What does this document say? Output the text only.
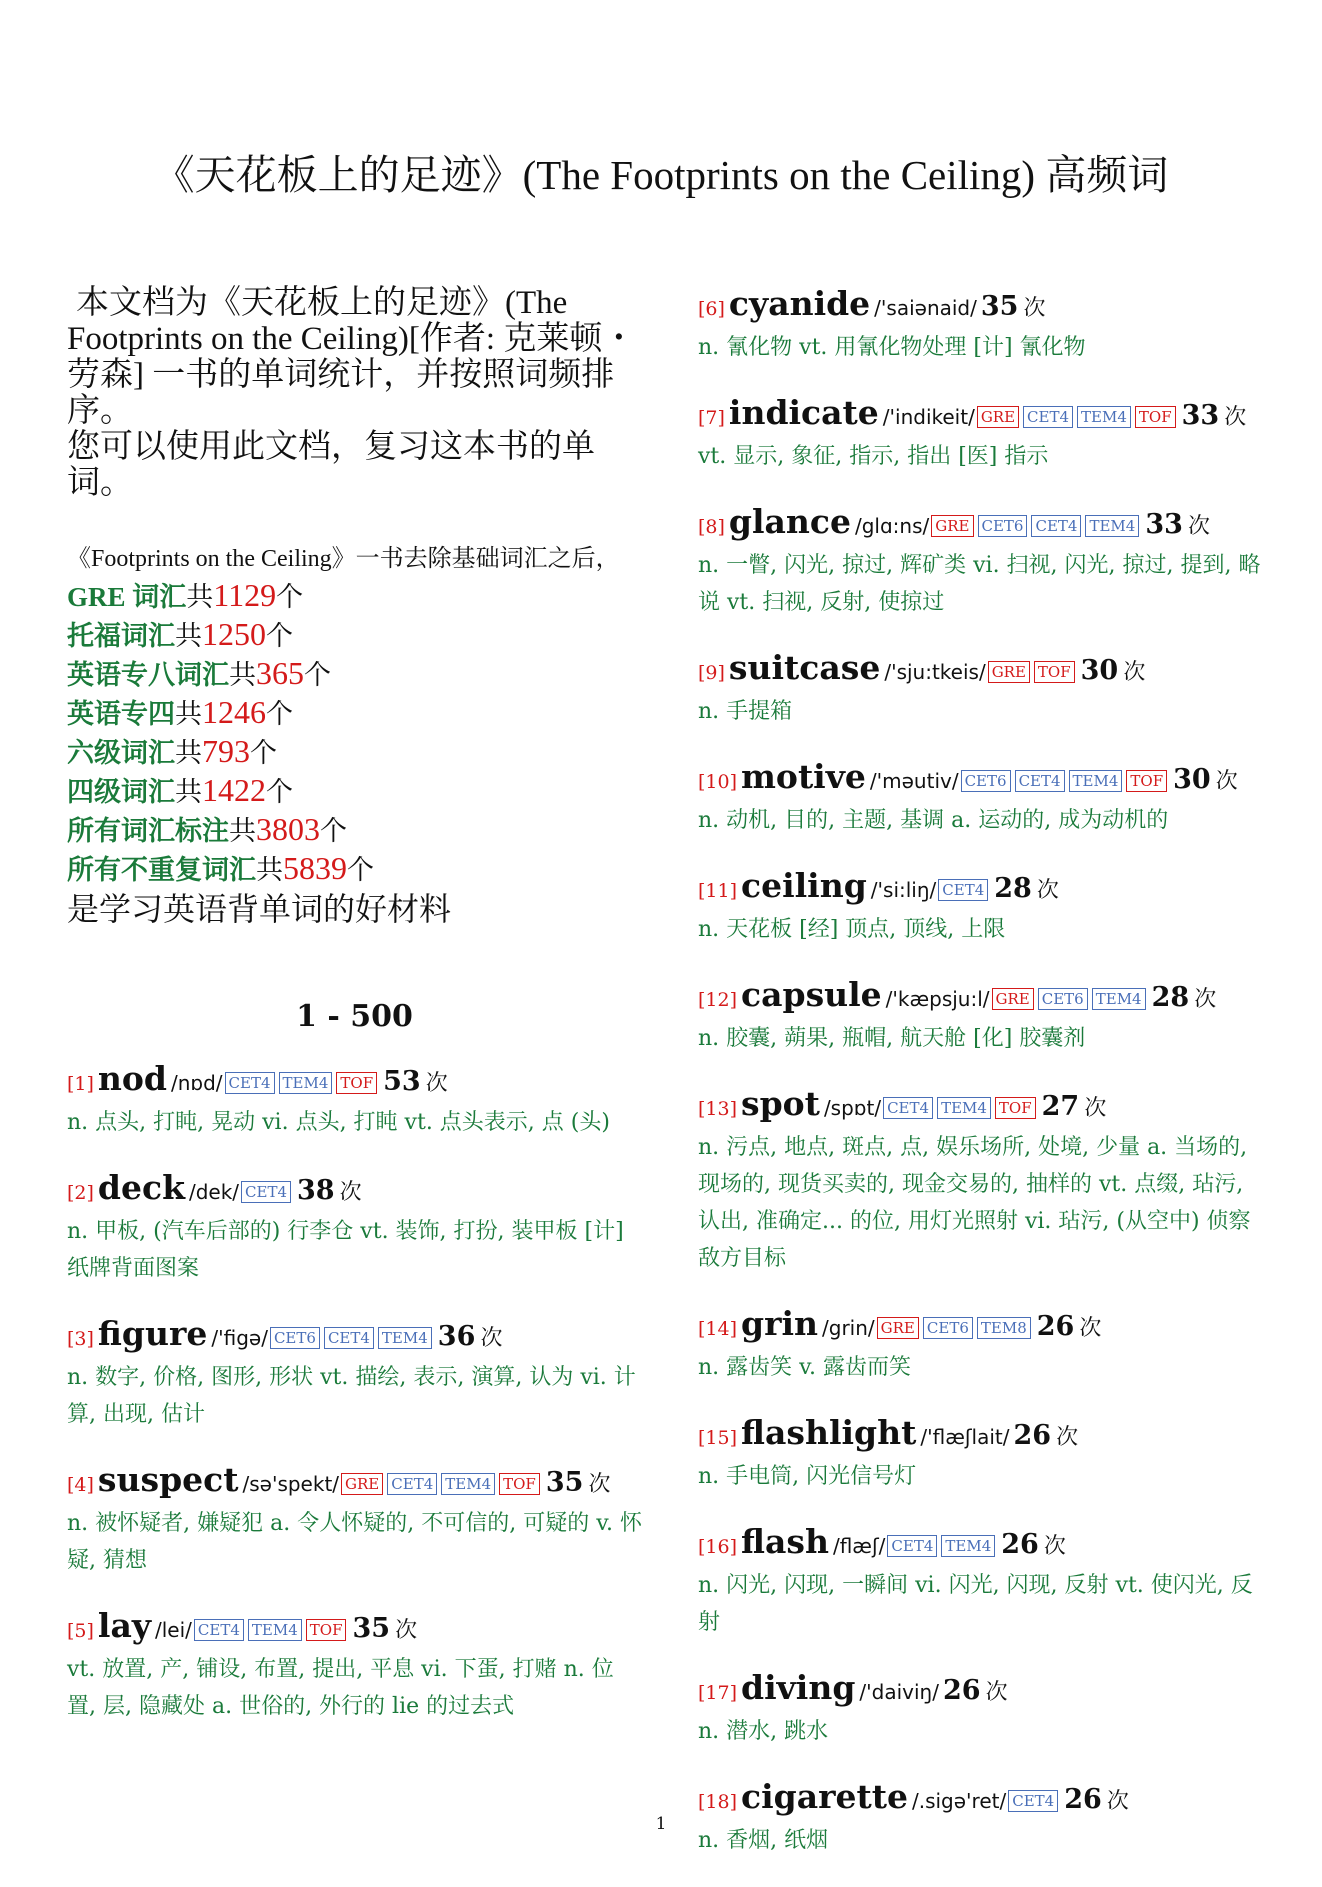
《天花板上的足迹》(The Footprints on the Ceiling) 高频词
本文档为《天花板上的足迹》(The Footprints on the Ceiling)[作者: 克莱顿・劳森] 一书的单词统计，并按照词频排序。
您可以使用此文档，复习这本书的单词。
《Footprints on the Ceiling》一书去除基础词汇之后，
GRE 词汇共1129个
托福词汇共1250个
英语专八词汇共365个
英语专四共1246个
六级词汇共793个
四级词汇共1422个
所有词汇标注共3803个
所有不重复词汇共5839个
是学习英语背单词的好材料
1 - 500
[1] nod /nɒd/ CET4 TEM4 TOF 53 次
n. 点头, 打盹, 晃动 vi. 点头, 打盹 vt. 点头表示, 点 (头)
[2] deck /dek/ CET4 38 次
n. 甲板, (汽车后部的) 行李仓 vt. 装饰, 打扮, 装甲板 [计] 纸牌背面图案
[3] figure /'figə/ CET6 CET4 TEM4 36 次
n. 数字, 价格, 图形, 形状 vt. 描绘, 表示, 演算, 认为 vi. 计算, 出现, 估计
[4] suspect /sə'spekt/ GRE CET4 TEM4 TOF 35 次
n. 被怀疑者, 嫌疑犯 a. 令人怀疑的, 不可信的, 可疑的 v. 怀疑, 猜想
[5] lay /lei/ CET4 TEM4 TOF 35 次
vt. 放置, 产, 铺设, 布置, 提出, 平息 vi. 下蛋, 打赌 n. 位置, 层, 隐藏处 a. 世俗的, 外行的 lie 的过去式
[6] cyanide /'saiənaid/ 35 次
n. 氰化物 vt. 用氰化物处理 [计] 氰化物
[7] indicate /'indikeit/ GRE CET4 TEM4 TOF 33 次
vt. 显示, 象征, 指示, 指出 [医] 指示
[8] glance /glɑ:ns/ GRE CET6 CET4 TEM4 33 次
n. 一瞥, 闪光, 掠过, 辉矿类 vi. 扫视, 闪光, 掠过, 提到, 略说 vt. 扫视, 反射, 使掠过
[9] suitcase /'sju:tkeis/ GRE TOF 30 次
n. 手提箱
[10] motive /'məutiv/ CET6 CET4 TEM4 TOF 30 次
n. 动机, 目的, 主题, 基调 a. 运动的, 成为动机的
[11] ceiling /'si:liŋ/ CET4 28 次
n. 天花板 [经] 顶点, 顶线, 上限
[12] capsule /'kæpsju:l/ GRE CET6 TEM4 28 次
n. 胶囊, 蒴果, 瓶帽, 航天舱 [化] 胶囊剂
[13] spot /spɒt/ CET4 TEM4 TOF 27 次
n. 污点, 地点, 斑点, 点, 娱乐场所, 处境, 少量 a. 当场的, 现场的, 现货买卖的, 现金交易的, 抽样的 vt. 点缀, 玷污, 认出, 准确定... 的位, 用灯光照射 vi. 玷污, (从空中) 侦察敌方目标
[14] grin /grin/ GRE CET6 TEM8 26 次
n. 露齿笑 v. 露齿而笑
[15] flashlight /'flæʃlait/ 26 次
n. 手电筒, 闪光信号灯
[16] flash /flæʃ/ CET4 TEM4 26 次
n. 闪光, 闪现, 一瞬间 vi. 闪光, 闪现, 反射 vt. 使闪光, 反射
[17] diving /'daiviŋ/ 26 次
n. 潜水, 跳水
[18] cigarette /.sigə'ret/ CET4 26 次
n. 香烟, 纸烟
1
